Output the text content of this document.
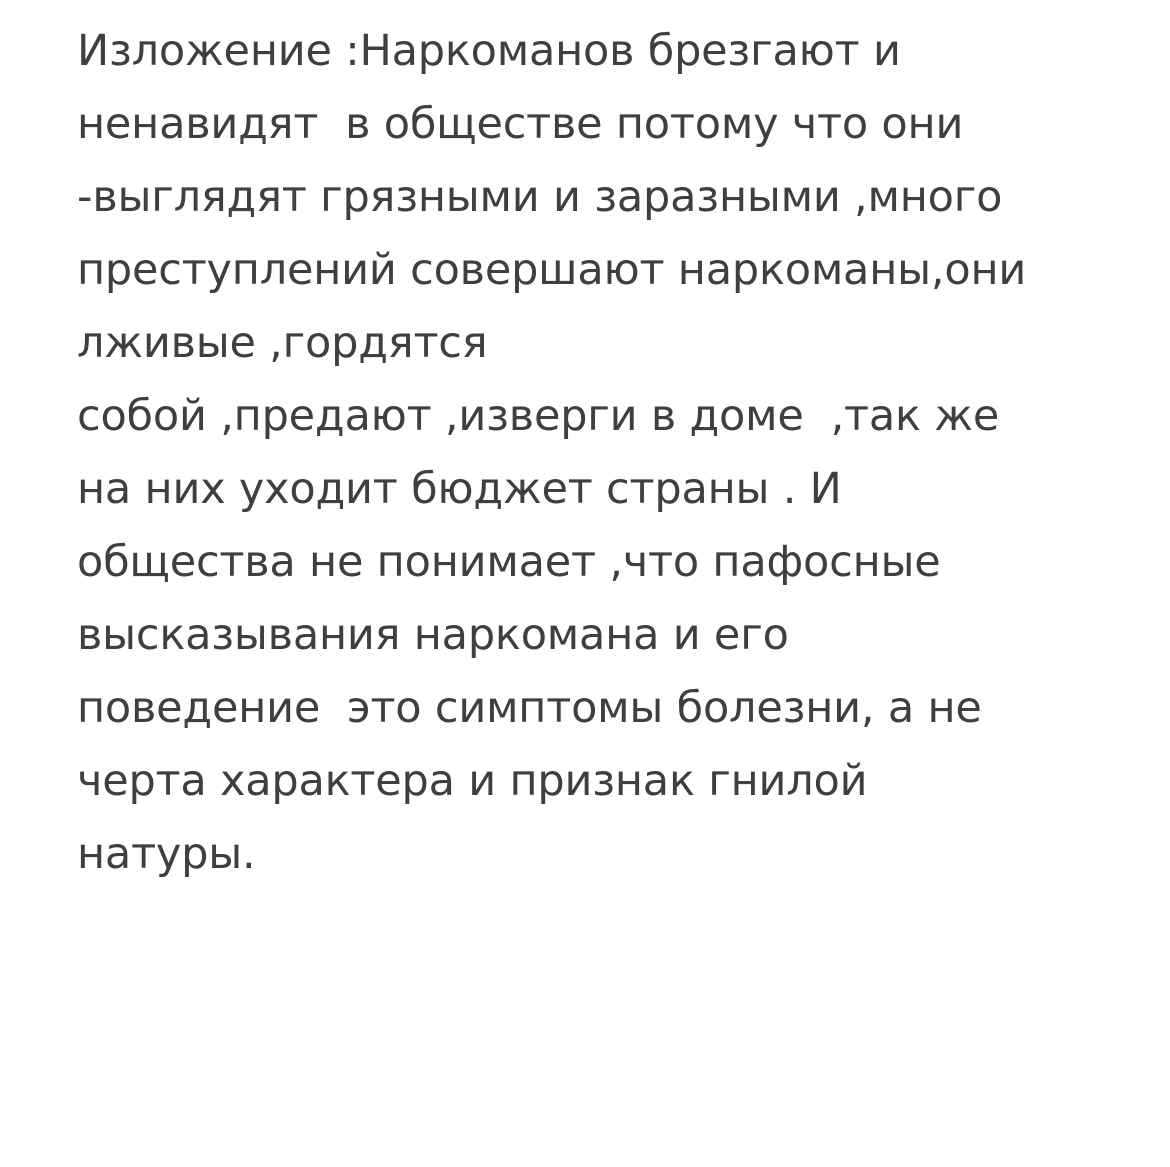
Изложение :Наркоманов брезгают и
ненавидят  в обществе потому что они
-выглядят грязными и заразными ,много
преступлений совершают наркоманы,они
лживые ,гордятся
собой ,предают ,изверги в доме  ,так же
на них уходит бюджет страны . И
общества не понимает ,что пафосные
высказывания наркомана и его
поведение  это симптомы болезни, а не
черта характера и признак гнилой
натуры.
